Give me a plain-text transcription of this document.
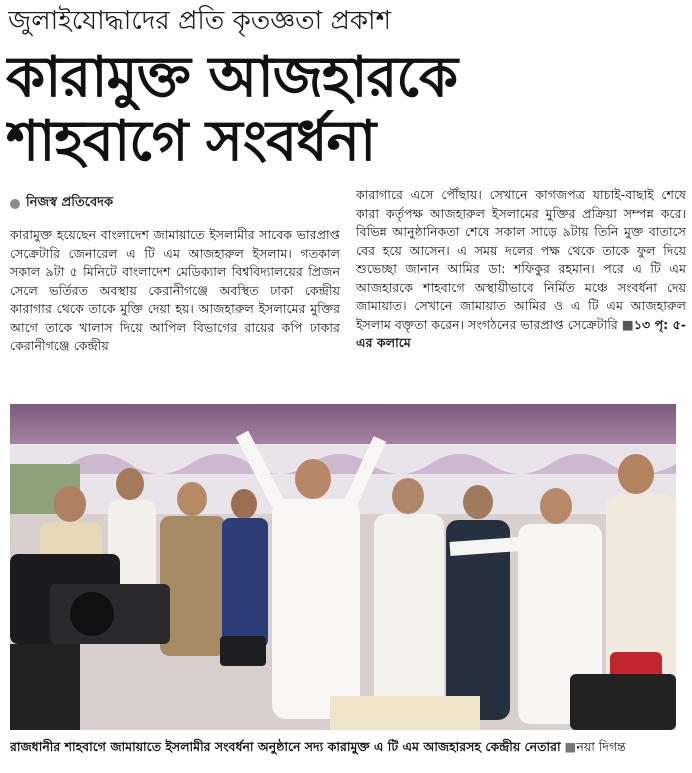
জুলাইযোদ্ধাদের প্রতি কৃতজ্ঞতা প্রকাশ
কারামুক্ত আজহারকে
শাহবাগে সংবর্ধনা
নিজস্ব প্রতিবেদক
কারামুক্ত হয়েছেন বাংলাদেশ জামায়াতে ইসলামীর সাবেক ভারপ্রাপ্ত সেক্রেটারি জেনারেল এ টি এম আজহারুল ইসলাম। গতকাল সকাল ৯টা ৫ মিনিটে বাংলাদেশ মেডিক্যাল বিশ্ববিদ্যালয়ের প্রিজন সেলে ভর্তিরত অবস্থায় কেরানীগঞ্জে অবস্থিত ঢাকা কেন্দ্রীয় কারাগার থেকে তাকে মুক্তি দেয়া হয়। আজহারুল ইসলামের মুক্তির আগে তাকে খালাস দিয়ে আপিল বিভাগের রায়ের কপি ঢাকার কেরানীগঞ্জে কেন্দ্রীয়
কারাগারে এসে পৌঁছায়। সেখানে কাগজপত্র যাচাই-বাছাই শেষে কারা কর্তৃপক্ষ আজহারুল ইসলামের মুক্তির প্রক্রিয়া সম্পন্ন করে। বিভিন্ন আনুষ্ঠানিকতা শেষে সকাল সাড়ে ৯টায় তিনি মুক্ত বাতাসে বের হয়ে আসেন। এ সময় দলের পক্ষ থেকে তাকে ফুল দিয়ে শুভেচ্ছা জানান আমির ডা: শফিকুর রহমান। পরে এ টি এম আজহারকে শাহবাগে অস্থায়ীভাবে নির্মিত মঞ্চে সংবর্ধনা দেয় জামায়াত। সেখানে জামায়াত আমির ও এ টি এম আজহারুল ইসলাম বক্তৃতা করেন। সংগঠনের ভারপ্রাপ্ত সেক্রেটারি ■ ১৩ পৃ: ৫-এর কলামে
রাজধানীর শাহবাগে জামায়াতে ইসলামীর সংবর্ধনা অনুষ্ঠানে সদ্য কারামুক্ত এ টি এম আজহারসহ কেন্দ্রীয় নেতারা ■ নয়া দিগন্ত
